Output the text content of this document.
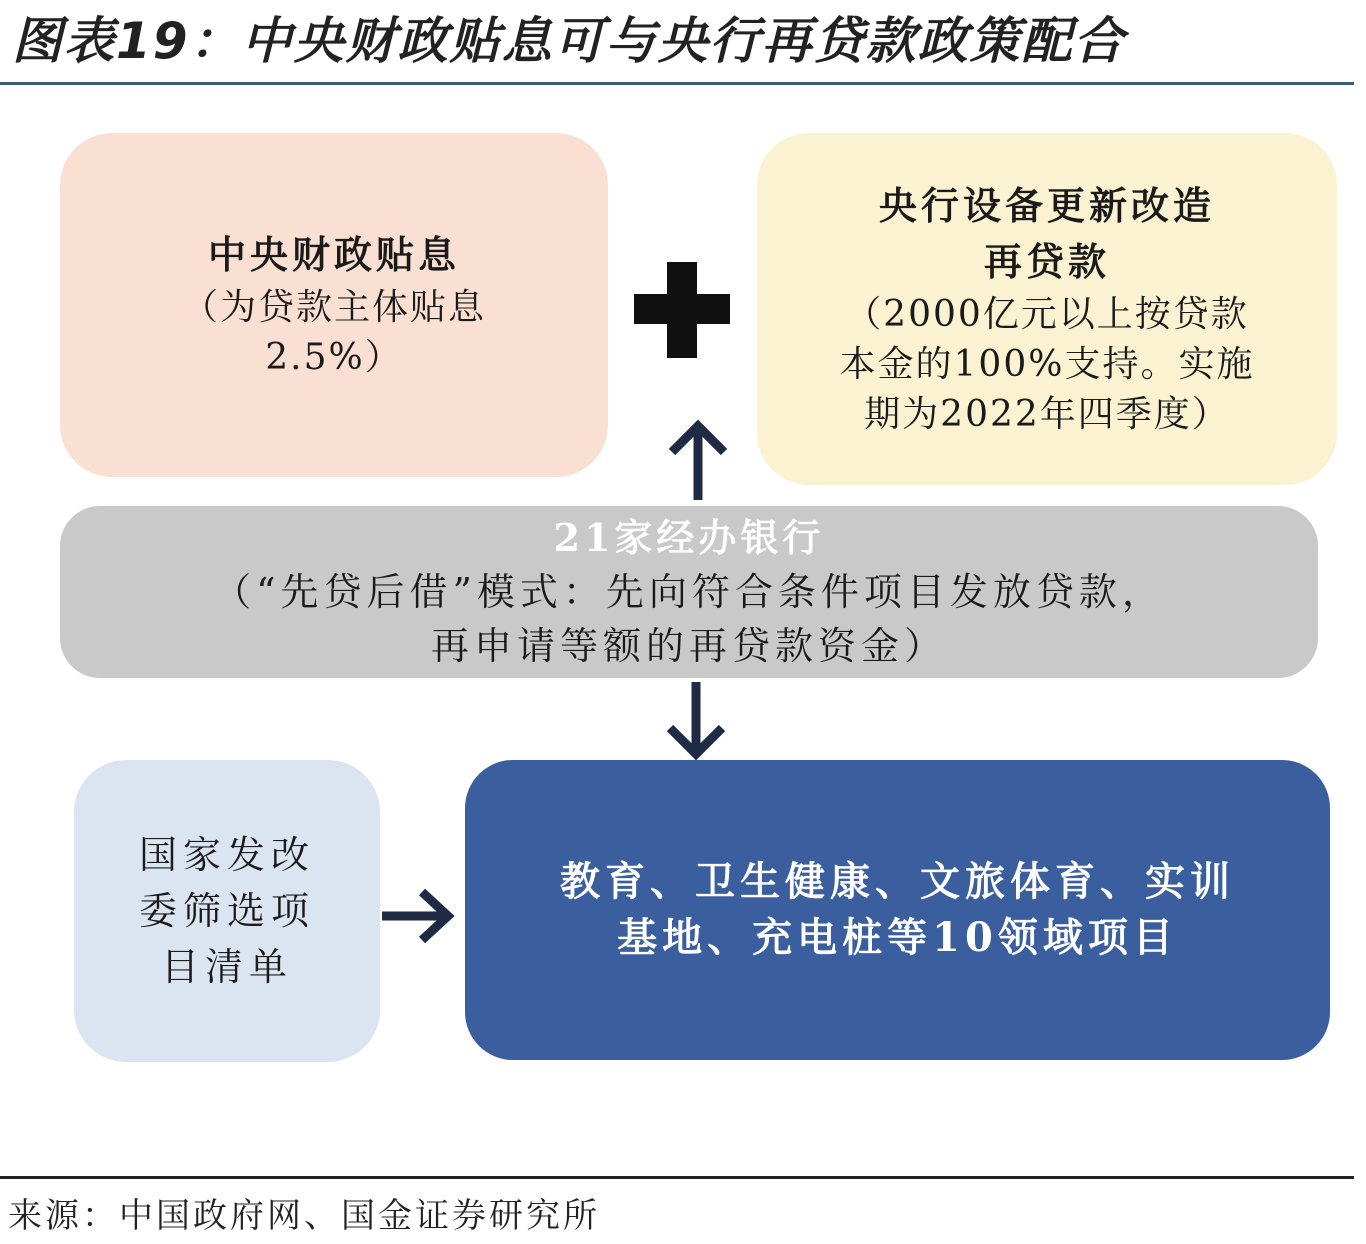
图表19：中央财政贴息可与央行再贷款政策配合
中央财政贴息
（为贷款主体贴息
2.5%）
央行设备更新改造
再贷款
（2000亿元以上按贷款
本金的100%支持。实施
期为2022年四季度）
21家经办银行
（“先贷后借”模式：先向符合条件项目发放贷款，
再申请等额的再贷款资金）
国家发改
委筛选项
目清单
教育、卫生健康、文旅体育、实训
基地、充电桩等10领域项目
来源：中国政府网、国金证券研究所
